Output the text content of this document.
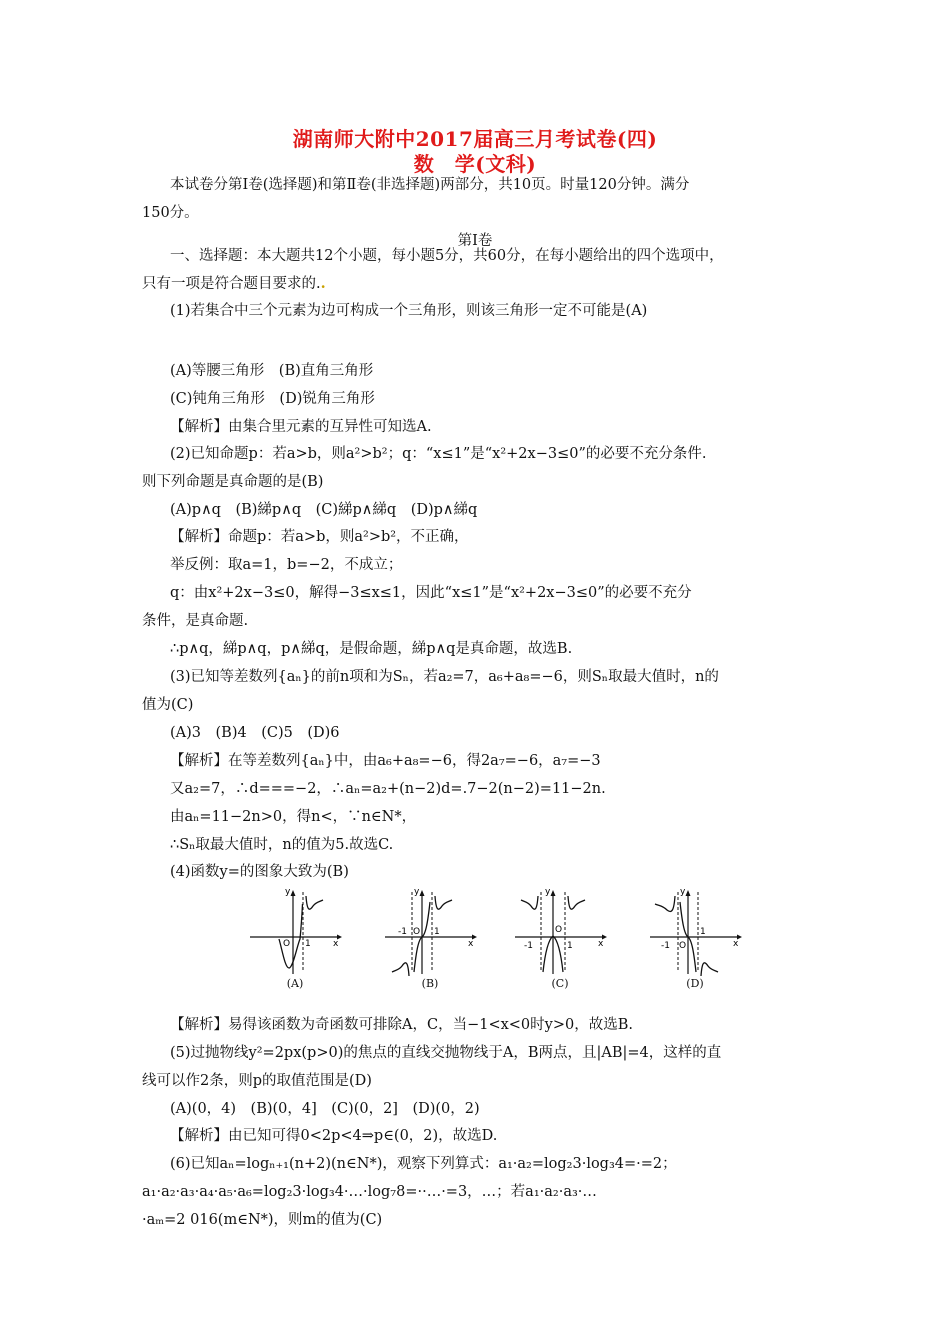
湖南师大附中2017届高三月考试卷(四)
数　学(文科)
本试卷分第Ⅰ卷(选择题)和第Ⅱ卷(非选择题)两部分，共10页。时量120分钟。满分
150分。
第Ⅰ卷
一、选择题：本大题共12个小题，每小题5分，共60分，在每小题给出的四个选项中，
只有一项是符合题目要求的..
(1)若集合中三个元素为边可构成一个三角形，则该三角形一定不可能是(A)
(A)等腰三角形　(B)直角三角形
(C)钝角三角形　(D)锐角三角形
【解析】由集合里元素的互异性可知选A.
(2)已知命题p：若a>b，则a²>b²；q：“x≤1”是“x²+2x−3≤0”的必要不充分条件.
则下列命题是真命题的是(B)
(A)p∧q　(B)綈p∧q　(C)綈p∧綈q　(D)p∧綈q
【解析】命题p：若a>b，则a²>b²，不正确，
举反例：取a=1，b=−2，不成立；
q：由x²+2x−3≤0，解得−3≤x≤1，因此“x≤1”是“x²+2x−3≤0”的必要不充分
条件，是真命题.
∴p∧q，綈p∧q，p∧綈q，是假命题，綈p∧q是真命题，故选B.
(3)已知等差数列{aₙ}的前n项和为Sₙ，若a₂=7，a₆+a₈=−6，则Sₙ取最大值时，n的
值为(C)
(A)3　(B)4　(C)5　(D)6
【解析】在等差数列{aₙ}中，由a₆+a₈=−6，得2a₇=−6，a₇=−3
又a₂=7，∴d===−2，∴aₙ=a₂+(n−2)d=.7−2(n−2)=11−2n.
由aₙ=11−2n>0，得n<，∵n∈N*，
∴Sₙ取最大值时，n的值为5.故选C.
(4)函数y=的图象大致为(B)
y
O 1 x
(A)
y
-1 O 1
x
(B)
y
-1
O
1	x
(C)
y
-1 O
1
x
(D)
【解析】易得该函数为奇函数可排除A，C，当−1<x<0时y>0，故选B.
(5)过抛物线y²=2px(p>0)的焦点的直线交抛物线于A，B两点，且|AB|=4，这样的直
线可以作2条，则p的取值范围是(D)
(A)(0，4)　(B)(0，4]　(C)(0，2]　(D)(0，2)
【解析】由已知可得0<2p<4⇒p∈(0，2)，故选D.
(6)已知aₙ=logₙ₊₁(n+2)(n∈N*)，观察下列算式：a₁·a₂=log₂3·log₃4=·=2；
a₁·a₂·a₃·a₄·a₅·a₆=log₂3·log₃4·…·log₇8=··…·=3，…；若a₁·a₂·a₃·…
·aₘ=2 016(m∈N*)，则m的值为(C)
